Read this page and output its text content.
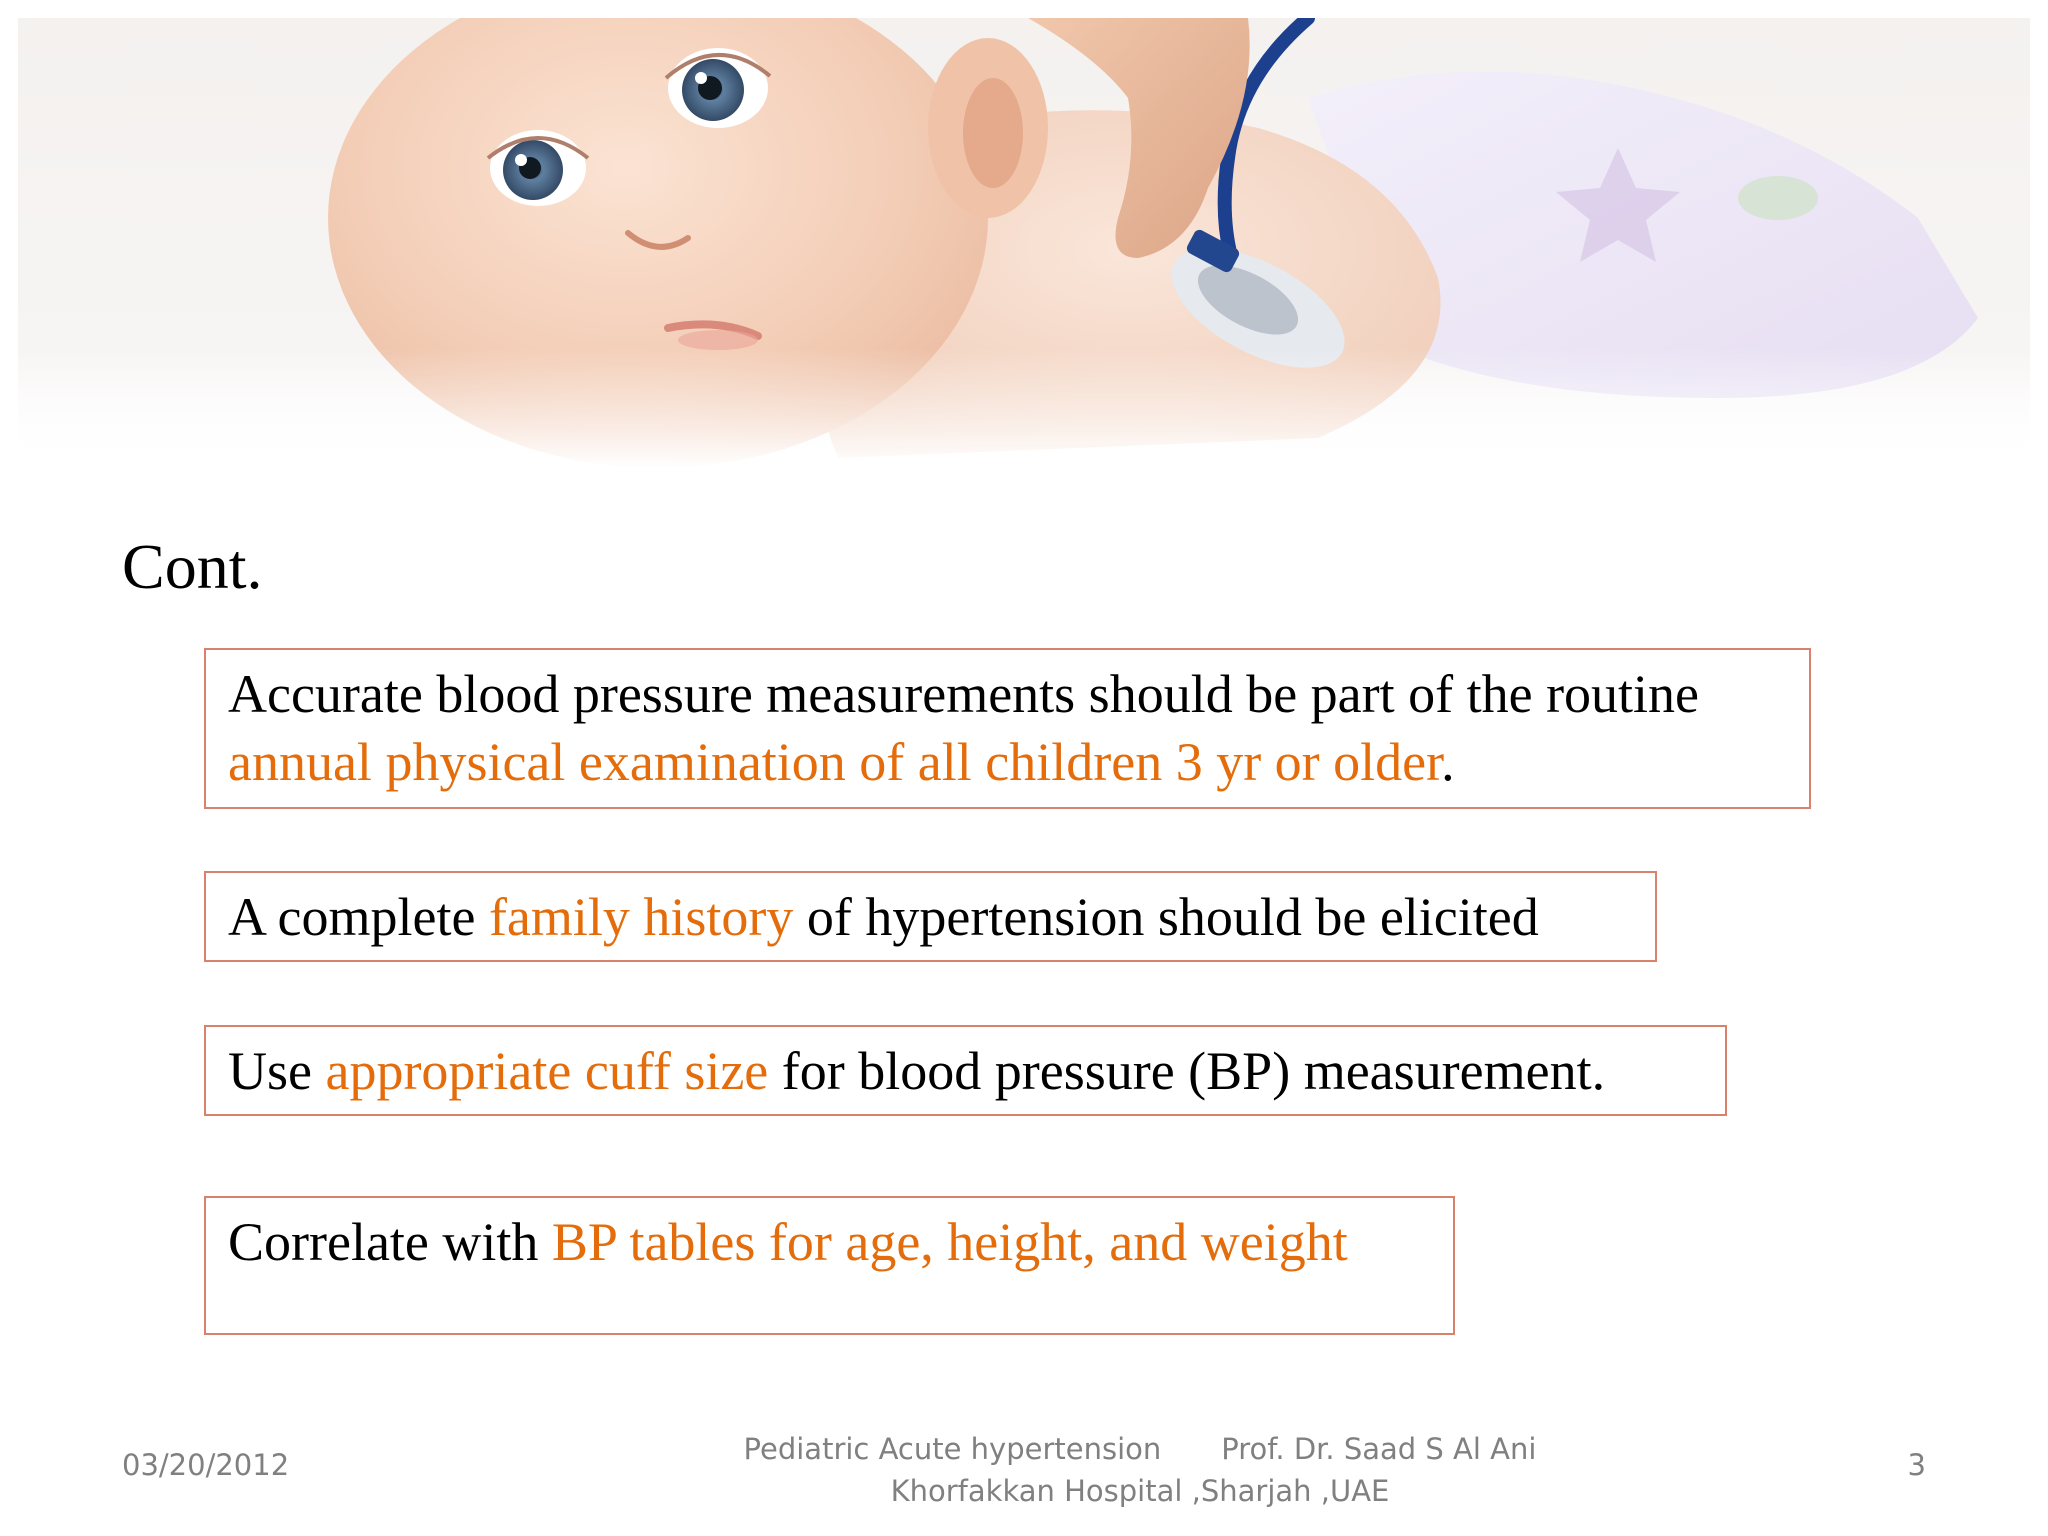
Cont.
Accurate blood pressure measurements should be part of the routine annual physical examination of all children 3 yr or older.
A complete family history of hypertension should be elicited
Use appropriate cuff size for blood pressure (BP) measurement.
Correlate with BP tables for age, height, and weight
03/20/2012	Pediatric Acute hypertension Prof. Dr. Saad S Al Ani
Khorfakkan Hospital ,Sharjah ,UAE
3
